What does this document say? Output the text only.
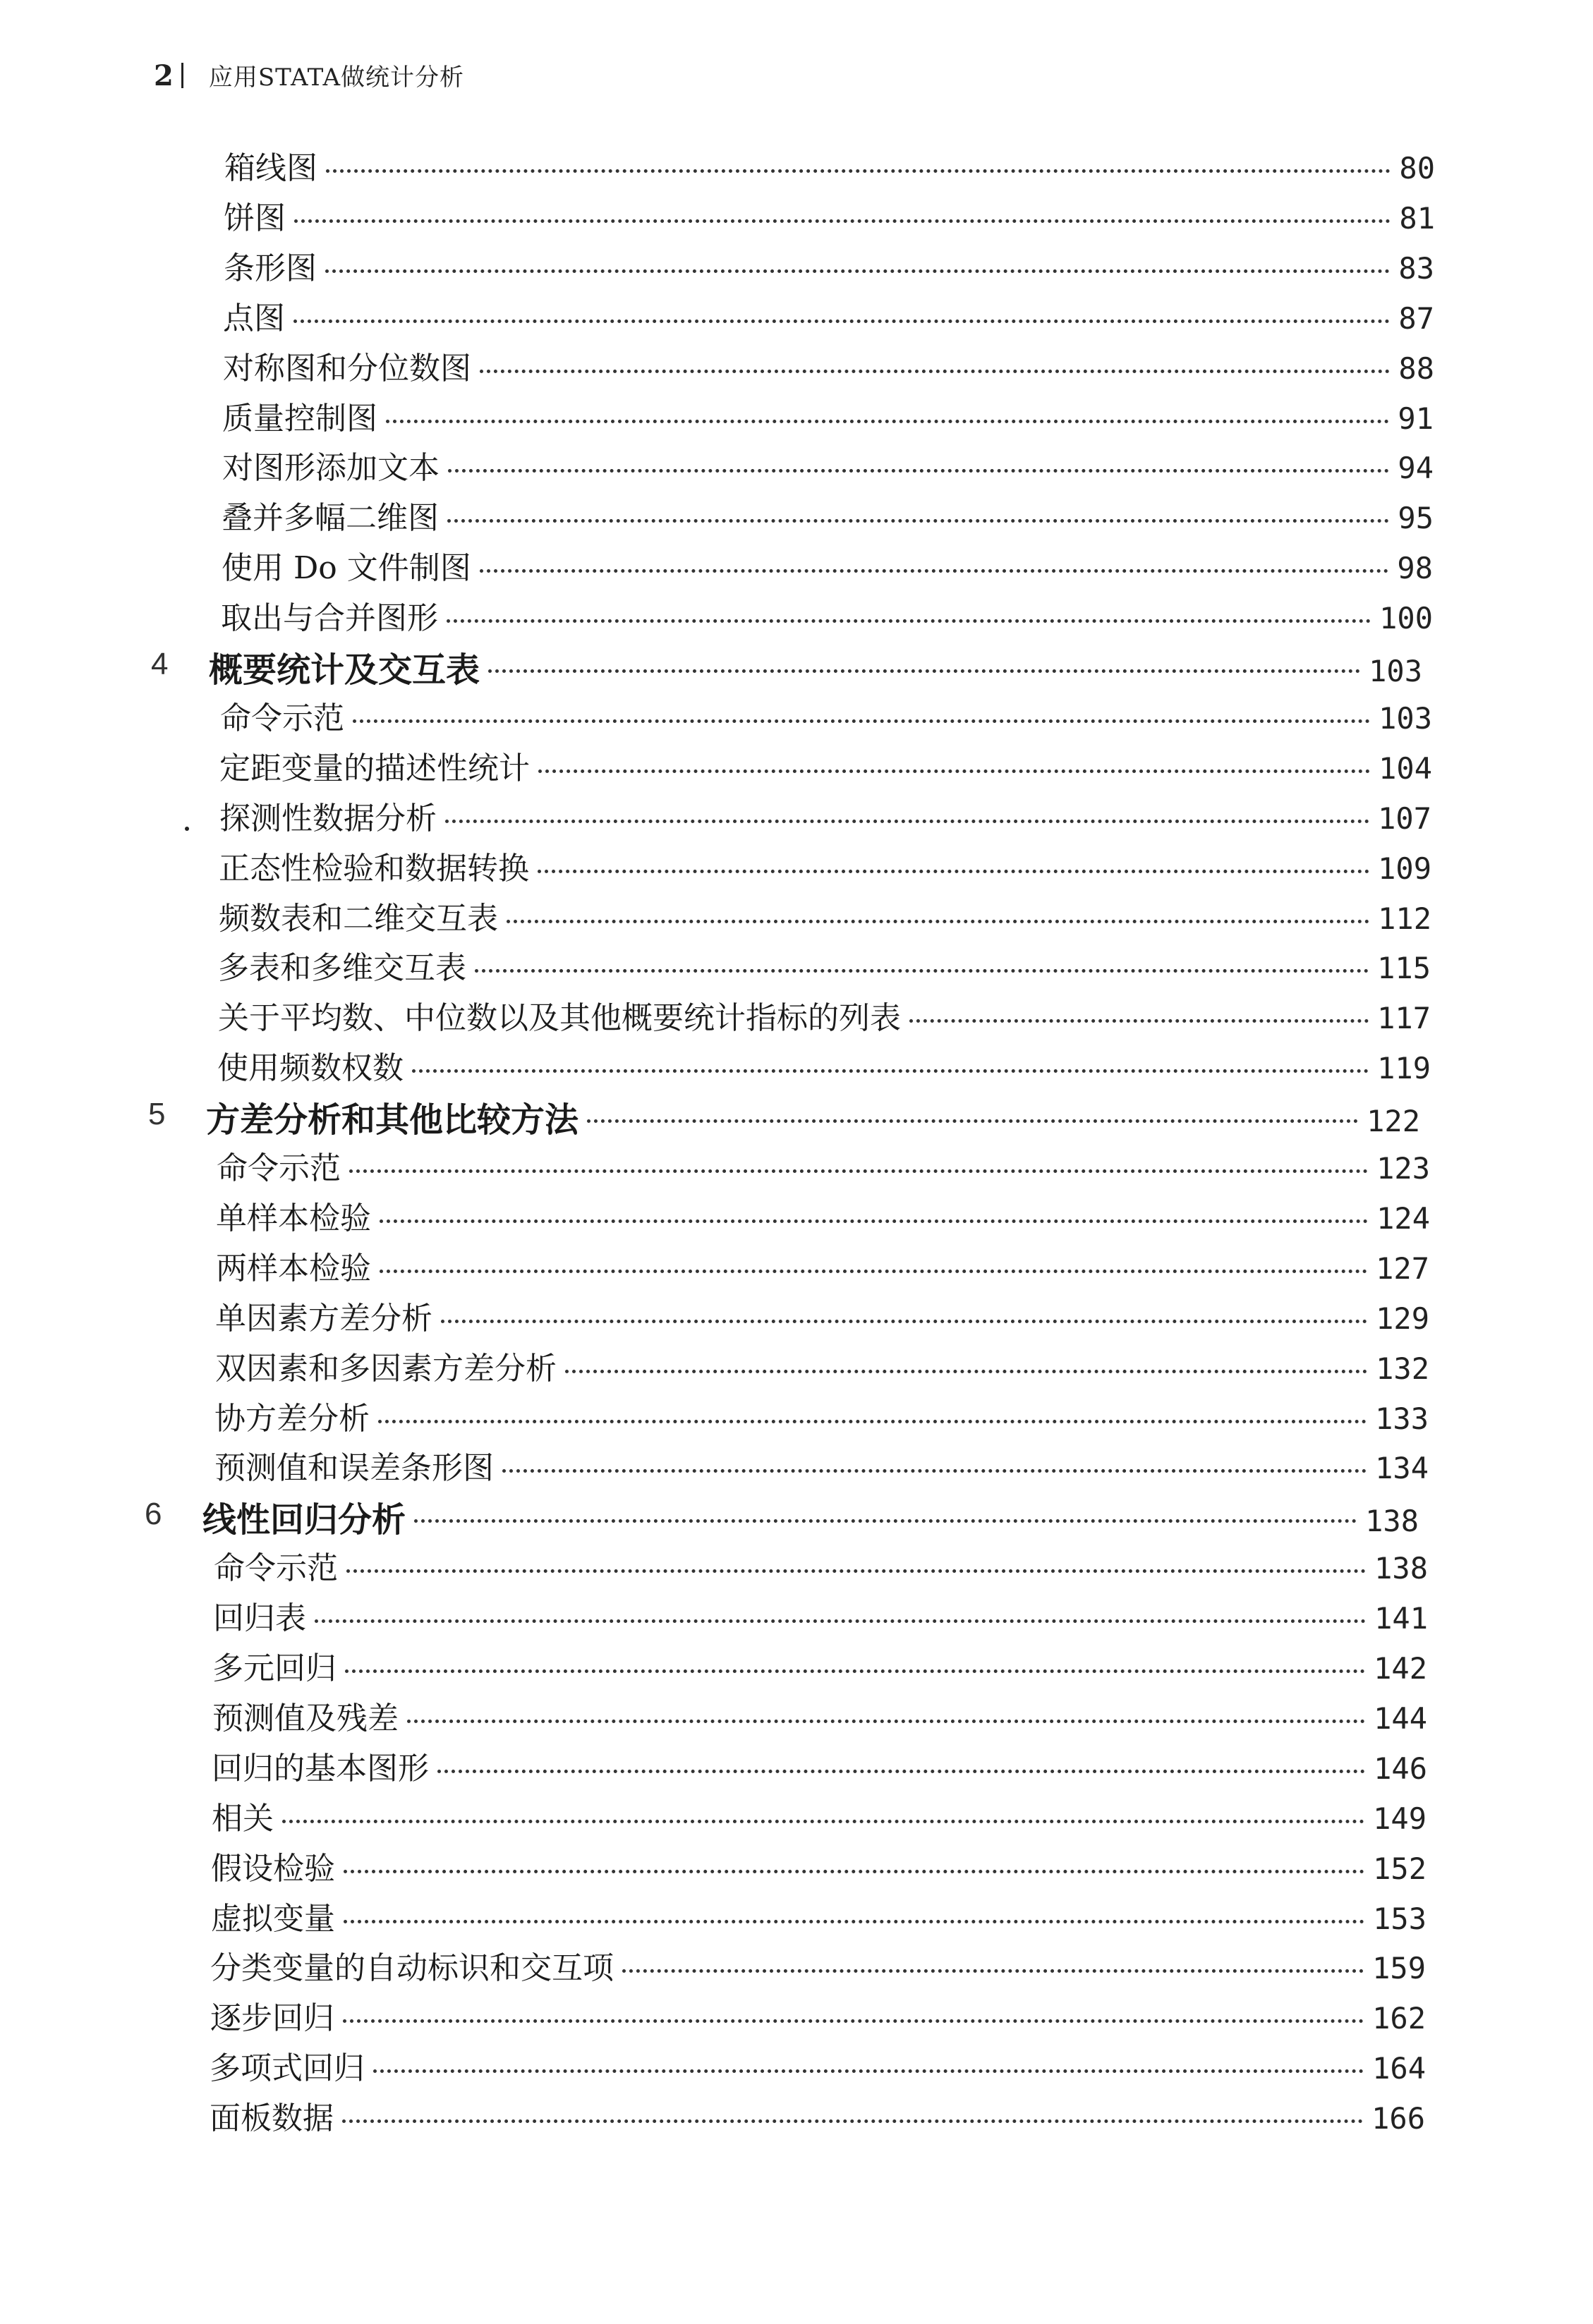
2 应用STATA做统计分析
箱线图	80
饼图	81
条形图	83
点图	87
对称图和分位数图	88
质量控制图	91
对图形添加文本	94
叠并多幅二维图	95
使用 Do 文件制图	98
取出与合并图形	100
4 概要统计及交互表	103
命令示范	103
定距变量的描述性统计	104
探测性数据分析	107
正态性检验和数据转换	109
频数表和二维交互表	112
多表和多维交互表	115
关于平均数、中位数以及其他概要统计指标的列表	117
使用频数权数	119
5 方差分析和其他比较方法	122
命令示范	123
单样本检验	124
两样本检验	127
单因素方差分析	129
双因素和多因素方差分析	132
协方差分析	133
预测值和误差条形图	134
6 线性回归分析	138
命令示范	138
回归表	141
多元回归	142
预测值及残差	144
回归的基本图形	146
相关	149
假设检验	152
虚拟变量	153
分类变量的自动标识和交互项	159
逐步回归	162
多项式回归	164
面板数据	166
